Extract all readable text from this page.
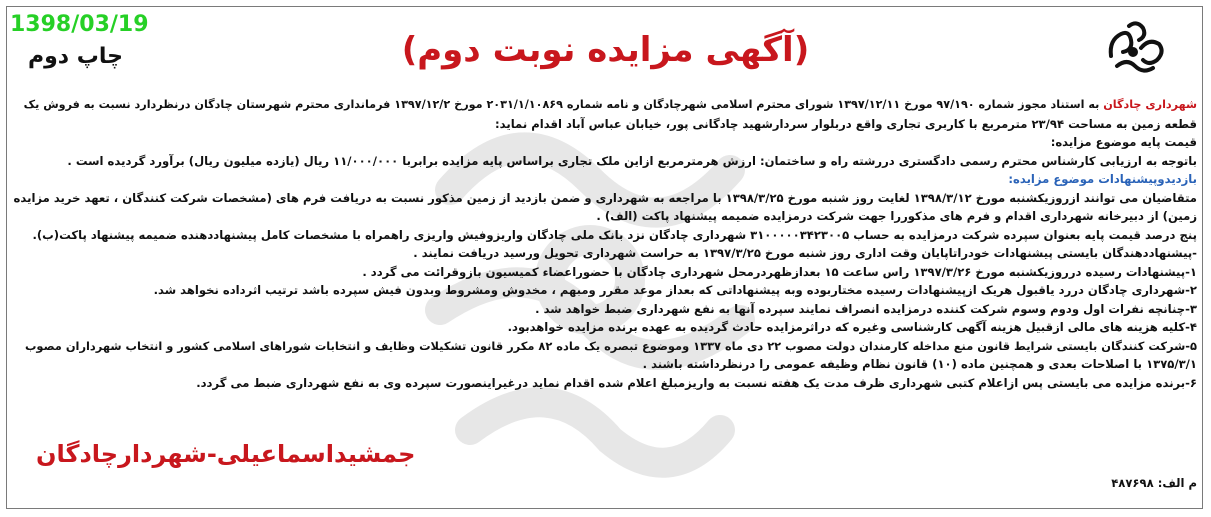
1398/03/19
چاپ دوم	(آگهی مزایده نوبت دوم)
شهرداری چادگان به استناد مجوز شماره ۹۷/۱۹۰ مورخ ۱۳۹۷/۱۲/۱۱ شورای محترم اسلامی شهرچادگان و نامه شماره ۲۰۳۱/۱/۱۰۸۶۹ مورخ ۱۳۹۷/۱۲/۲ فرمانداری محترم شهرستان چادگان درنظردارد نسبت به فروش یک
قطعه زمین به مساحت ۲۳/۹۴ مترمربع با کاربری تجاری واقع دربلوار سردارشهید چادگانی پور، خیابان عباس آباد اقدام نماید:
قیمت پایه موضوع مزایده:
باتوجه به ارزیابی کارشناس محترم رسمی دادگستری دررشته راه و ساختمان: ارزش هرمترمربع ازاین ملک تجاری براساس پایه مزایده برابربا ۱۱/۰۰۰/۰۰۰ ریال (یازده میلیون ریال) برآورد گردیده است .
بازدیدوپیشنهادات موضوع مزایده:
متقاضیان می توانند ازروزیکشنبه مورخ ۱۳۹۸/۳/۱۲ لغایت روز شنبه مورخ ۱۳۹۸/۳/۲۵ با مراجعه به شهرداری و ضمن بازدید از زمین مذکور نسبت به دریافت فرم های (مشخصات شرکت کنندگان ، تعهد خرید مزایده
زمین) از دبیرخانه شهرداری اقدام و فرم های مذکوررا جهت شرکت درمزایده ضمیمه پیشنهاد پاکت (الف) .
پنج درصد قیمت پایه بعنوان سپرده شرکت درمزایده به حساب ۳۱۰۰۰۰۰۳۴۲۳۰۰۵ شهرداری چادگان نزد بانک ملی چادگان واریزوفیش واریزی راهمراه با مشخصات کامل پیشنهاددهنده ضمیمه پیشنهاد پاکت(ب).
-پیشنهاددهندگان بایستی پیشنهادات خودراتاپایان وقت اداری روز شنبه مورخ ۱۳۹۷/۳/۲۵ به حراست شهرداری تحویل ورسید دریافت نمایند .
۱-پیشنهادات رسیده درروزیکشنبه مورخ ۱۳۹۷/۳/۲۶ راس ساعت ۱۵ بعدازظهردرمحل شهرداری چادگان با حضوراعضاء کمیسیون بازوقرائت می گردد .
۲-شهرداری چادگان دررد یاقبول هریک ازپیشنهادات رسیده مختاربوده وبه پیشنهاداتی که بعداز موعد مقرر ومبهم ، مخدوش ومشروط وبدون فیش سپرده باشد ترتیب اثرداده نخواهد شد.
۳-چنانچه نفرات اول ودوم وسوم شرکت کننده درمزایده انصراف نمایند سپرده آنها به نفع شهرداری ضبط خواهد شد .
۴-کلیه هزینه های مالی ازقبیل هزینه آگهی کارشناسی وغیره که دراثرمزایده حادث گردیده به عهده برنده مزایده خواهدبود.
۵-شرکت کنندگان بایستی شرایط قانون منع مداخله کارمندان دولت مصوب ۲۲ دی ماه ۱۳۳۷ وموضوع تبصره یک ماده ۸۲ مکرر قانون تشکیلات وظایف و انتخابات شوراهای اسلامی کشور و انتخاب شهرداران مصوب
۱۳۷۵/۳/۱ با اصلاحات بعدی و همچنین ماده (۱۰) قانون نظام وظیفه عمومی را درنظرداشته باشند .
۶-برنده مزایده می بایستی پس ازاعلام کتبی شهرداری ظرف مدت یک هفته نسبت به واریزمبلغ اعلام شده اقدام نماید درغیراینصورت سپرده وی به نفع شهرداری ضبط می گردد.
جمشیداسماعیلی-شهردارچادگان
م الف: ۴۸۷۶۹۸
